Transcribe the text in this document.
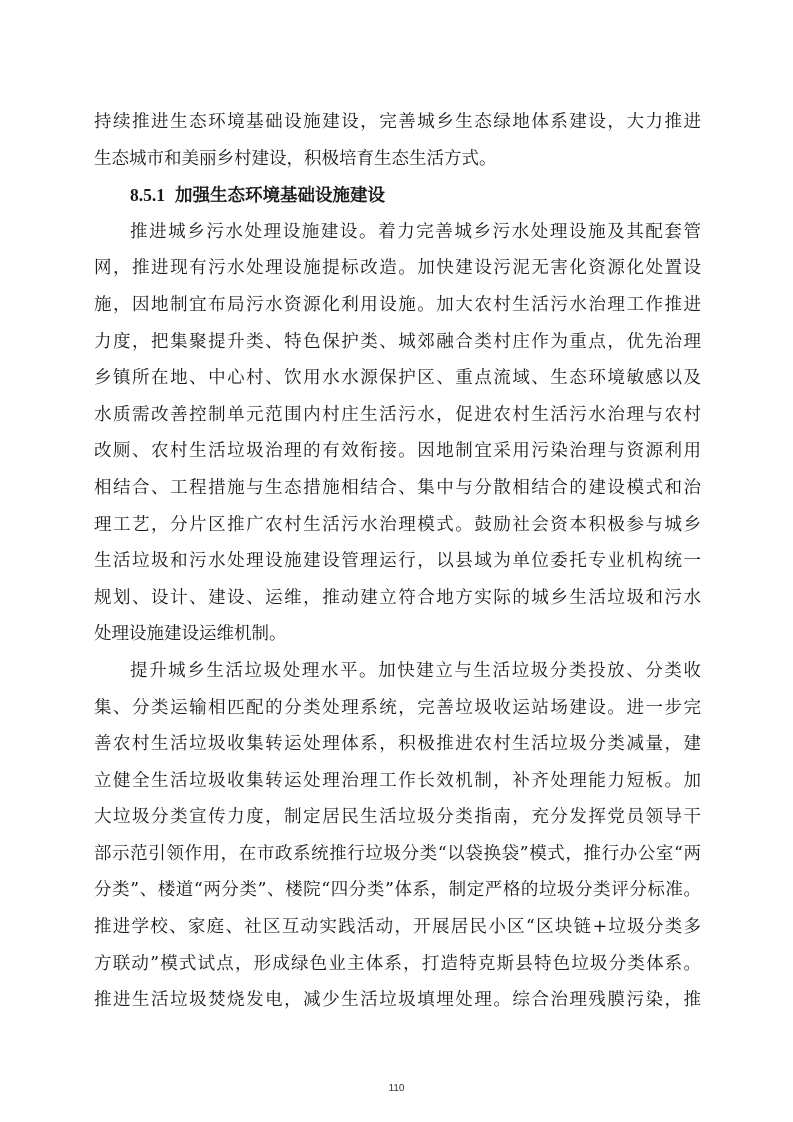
持续推进生态环境基础设施建设，完善城乡生态绿地体系建设，大力推进
生态城市和美丽乡村建设，积极培育生态生活方式。
8.5.1 加强生态环境基础设施建设
推进城乡污水处理设施建设。着力完善城乡污水处理设施及其配套管
网，推进现有污水处理设施提标改造。加快建设污泥无害化资源化处置设
施，因地制宜布局污水资源化利用设施。加大农村生活污水治理工作推进
力度，把集聚提升类、特色保护类、城郊融合类村庄作为重点，优先治理
乡镇所在地、中心村、饮用水水源保护区、重点流域、生态环境敏感以及
水质需改善控制单元范围内村庄生活污水，促进农村生活污水治理与农村
改厕、农村生活垃圾治理的有效衔接。因地制宜采用污染治理与资源利用
相结合、工程措施与生态措施相结合、集中与分散相结合的建设模式和治
理工艺，分片区推广农村生活污水治理模式。鼓励社会资本积极参与城乡
生活垃圾和污水处理设施建设管理运行，以县域为单位委托专业机构统一
规划、设计、建设、运维，推动建立符合地方实际的城乡生活垃圾和污水
处理设施建设运维机制。
提升城乡生活垃圾处理水平。加快建立与生活垃圾分类投放、分类收
集、分类运输相匹配的分类处理系统，完善垃圾收运站场建设。进一步完
善农村生活垃圾收集转运处理体系，积极推进农村生活垃圾分类减量，建
立健全生活垃圾收集转运处理治理工作长效机制，补齐处理能力短板。加
大垃圾分类宣传力度，制定居民生活垃圾分类指南，充分发挥党员领导干
部示范引领作用，在市政系统推行垃圾分类“以袋换袋”模式，推行办公室“两
分类”、楼道“两分类”、楼院“四分类”体系，制定严格的垃圾分类评分标准。
推进学校、家庭、社区互动实践活动，开展居民小区“区块链+垃圾分类多
方联动”模式试点，形成绿色业主体系，打造特克斯县特色垃圾分类体系。
推进生活垃圾焚烧发电，减少生活垃圾填埋处理。综合治理残膜污染，推
110
